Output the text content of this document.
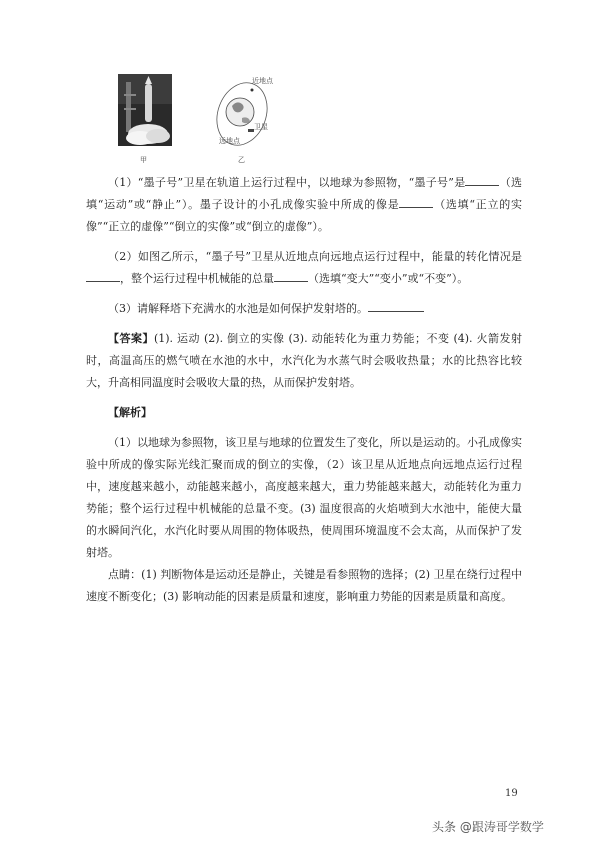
近地点
卫星
远地点
甲	乙

（1）“墨子号”卫星在轨道上运行过程中，以地球为参照物，“墨子号”是	（选填“运动”或“静止”）。墨子设计的小孔成像实验中所成的像是	（选填“正立的实像”“正立的虚像”“倒立的实像”或“倒立的虚像”）。

（2）如图乙所示，“墨子号”卫星从近地点向远地点运行过程中，能量的转化情况是，整个运行过程中机械能的总量	（选填“变大”“变小”或“不变”）。

（3）请解释塔下充满水的水池是如何保护发射塔的。

【答案】(1). 运动 (2). 倒立的实像 (3). 动能转化为重力势能；不变 (4). 火箭发射时，高温高压的燃气喷在水池的水中，水汽化为水蒸气时会吸收热量；水的比热容比较大，升高相同温度时会吸收大量的热，从而保护发射塔。

【解析】

（1）以地球为参照物，该卫星与地球的位置发生了变化，所以是运动的。小孔成像实验中所成的像实际光线汇聚而成的倒立的实像，（2）该卫星从近地点向远地点运行过程中，速度越来越小，动能越来越小，高度越来越大，重力势能越来越大，动能转化为重力势能；整个运行过程中机械能的总量不变。(3) 温度很高的火焰喷到大水池中，能使大量的水瞬间汽化，水汽化时要从周围的物体吸热，使周围环境温度不会太高，从而保护了发射塔。

点睛：(1) 判断物体是运动还是静止，关键是看参照物的选择；(2) 卫星在绕行过程中速度不断变化；(3) 影响动能的因素是质量和速度，影响重力势能的因素是质量和高度。

19
头条 @跟涛哥学数学
